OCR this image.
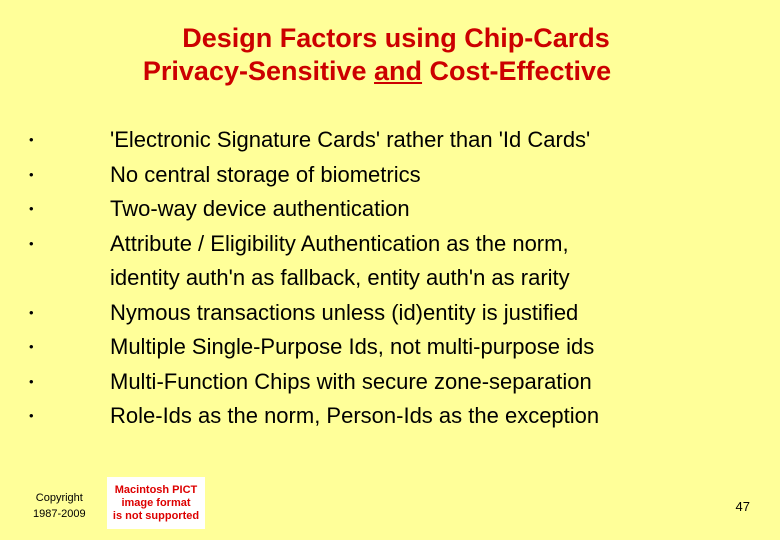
Design Factors using Chip-Cards
Privacy-Sensitive and Cost-Effective
•	'Electronic Signature Cards' rather than 'Id Cards'
•	No central storage of biometrics
•	Two-way device authentication
•	Attribute / Eligibility Authentication as the norm,
identity auth'n as fallback, entity auth'n as rarity
•	Nymous transactions unless (id)entity is justified
•	Multiple Single-Purpose Ids, not multi-purpose ids
•	Multi-Function Chips with secure zone-separation
•	Role-Ids as the norm, Person-Ids as the exception
Copyright
1987-2009
Macintosh PICT
image format
is not supported
47
